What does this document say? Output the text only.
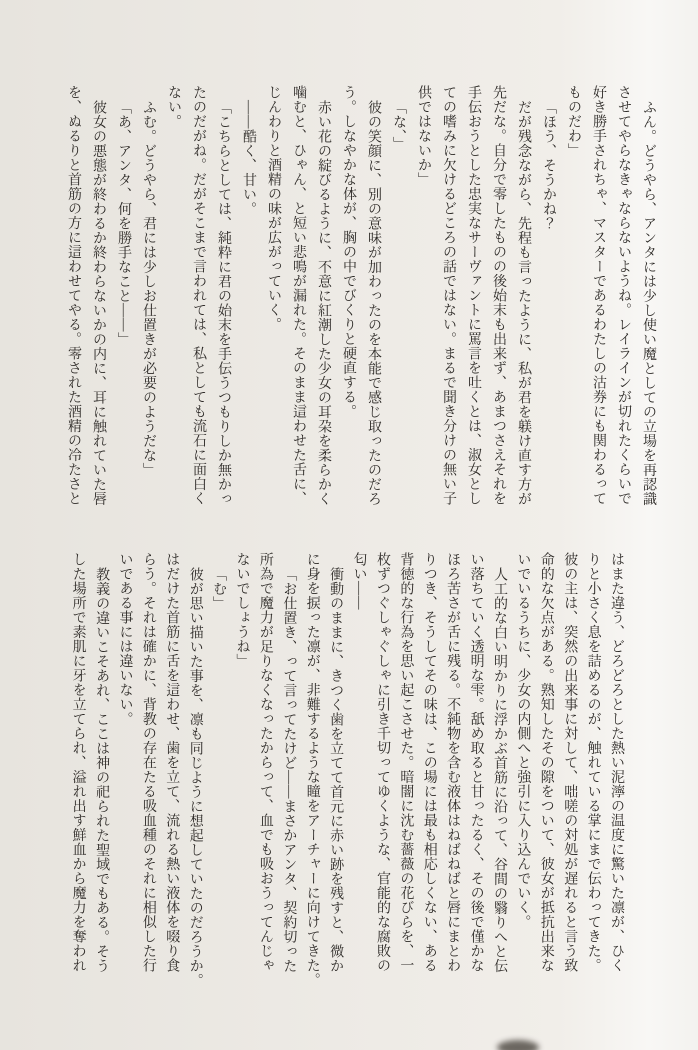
ふん。どうやら、アンタには少し使い魔としての立場を再認識
させてやらなきゃならないようね。レイラインが切れたくらいで
好き勝手されちゃ、マスターであるわたしの沽券にも関わるって
ものだわ」
「ほう、そうかね？
だが残念ながら、先程も言ったように、私が君を躾け直す方が
先だな。自分で零したものの後始末も出来ず、あまつさえそれを
手伝おうとした忠実なサーヴァントに罵言を吐くとは、淑女とし
ての嗜みに欠けるどころの話ではない。まるで聞き分けの無い子
供ではないか」
「な、」
彼の笑顔に、別の意味が加わったのを本能で感じ取ったのだろ
う。しなやかな体が、胸の中でびくりと硬直する。
赤い花の綻びるように、不意に紅潮した少女の耳朶を柔らかく
噛むと、ひゃん、と短い悲鳴が漏れた。そのまま這わせた舌に、
じんわりと酒精の味が広がっていく。
――酷く、甘い。
「こちらとしては、純粋に君の始末を手伝うつもりしか無かっ
たのだがね。だがそこまで言われては、私としても流石に面白く
ない。
ふむ。どうやら、君には少しお仕置きが必要のようだな」
「あ、アンタ、何を勝手なこと――」
彼女の悪態が終わるか終わらないかの内に、耳に触れていた唇
を、ぬるりと首筋の方に這わせてやる。零された酒精の冷たさと
はまた違う、どろどろとした熱い泥濘の温度に驚いた凛が、ひく
りと小さく息を詰めるのが、触れている掌にまで伝わってきた。
彼の主は、突然の出来事に対して、咄嗟の対処が遅れると言う致
命的な欠点がある。熟知したその隙をついて、彼女が抵抗出来な
いでいるうちに、少女の内側へと強引に入り込んでいく。
人工的な白い明かりに浮かぶ首筋に沿って、谷間の翳りへと伝
い落ちていく透明な雫。舐め取ると甘ったるく、その後で僅かな
ほろ苦さが舌に残る。不純物を含む液体はねばねばと唇にまとわ
りつき、そうしてその味は、この場には最も相応しくない、ある
背徳的な行為を思い起こさせた。暗闇に沈む薔薇の花びらを、一
枚ずつぐしゃぐしゃに引き千切ってゆくような、官能的な腐敗の
匂い――
衝動のままに、きつく歯を立てて首元に赤い跡を残すと、微か
に身を捩った凛が、非難するような瞳をアーチャーに向けてきた。
「お仕置き、って言ってたけど――まさかアンタ、契約切った
所為で魔力が足りなくなったからって、血でも吸おうってんじゃ
ないでしょうね」
「む」
彼が思い描いた事を、凛も同じように想起していたのだろうか。
はだけた首筋に舌を這わせ、歯を立て、流れる熱い液体を啜り食
らう。それは確かに、背教の存在たる吸血種のそれに相似した行
いである事には違いない。
教義の違いこそあれ、ここは神の祀られた聖域でもある。そう
した場所で素肌に牙を立てられ、溢れ出す鮮血から魔力を奪われ
